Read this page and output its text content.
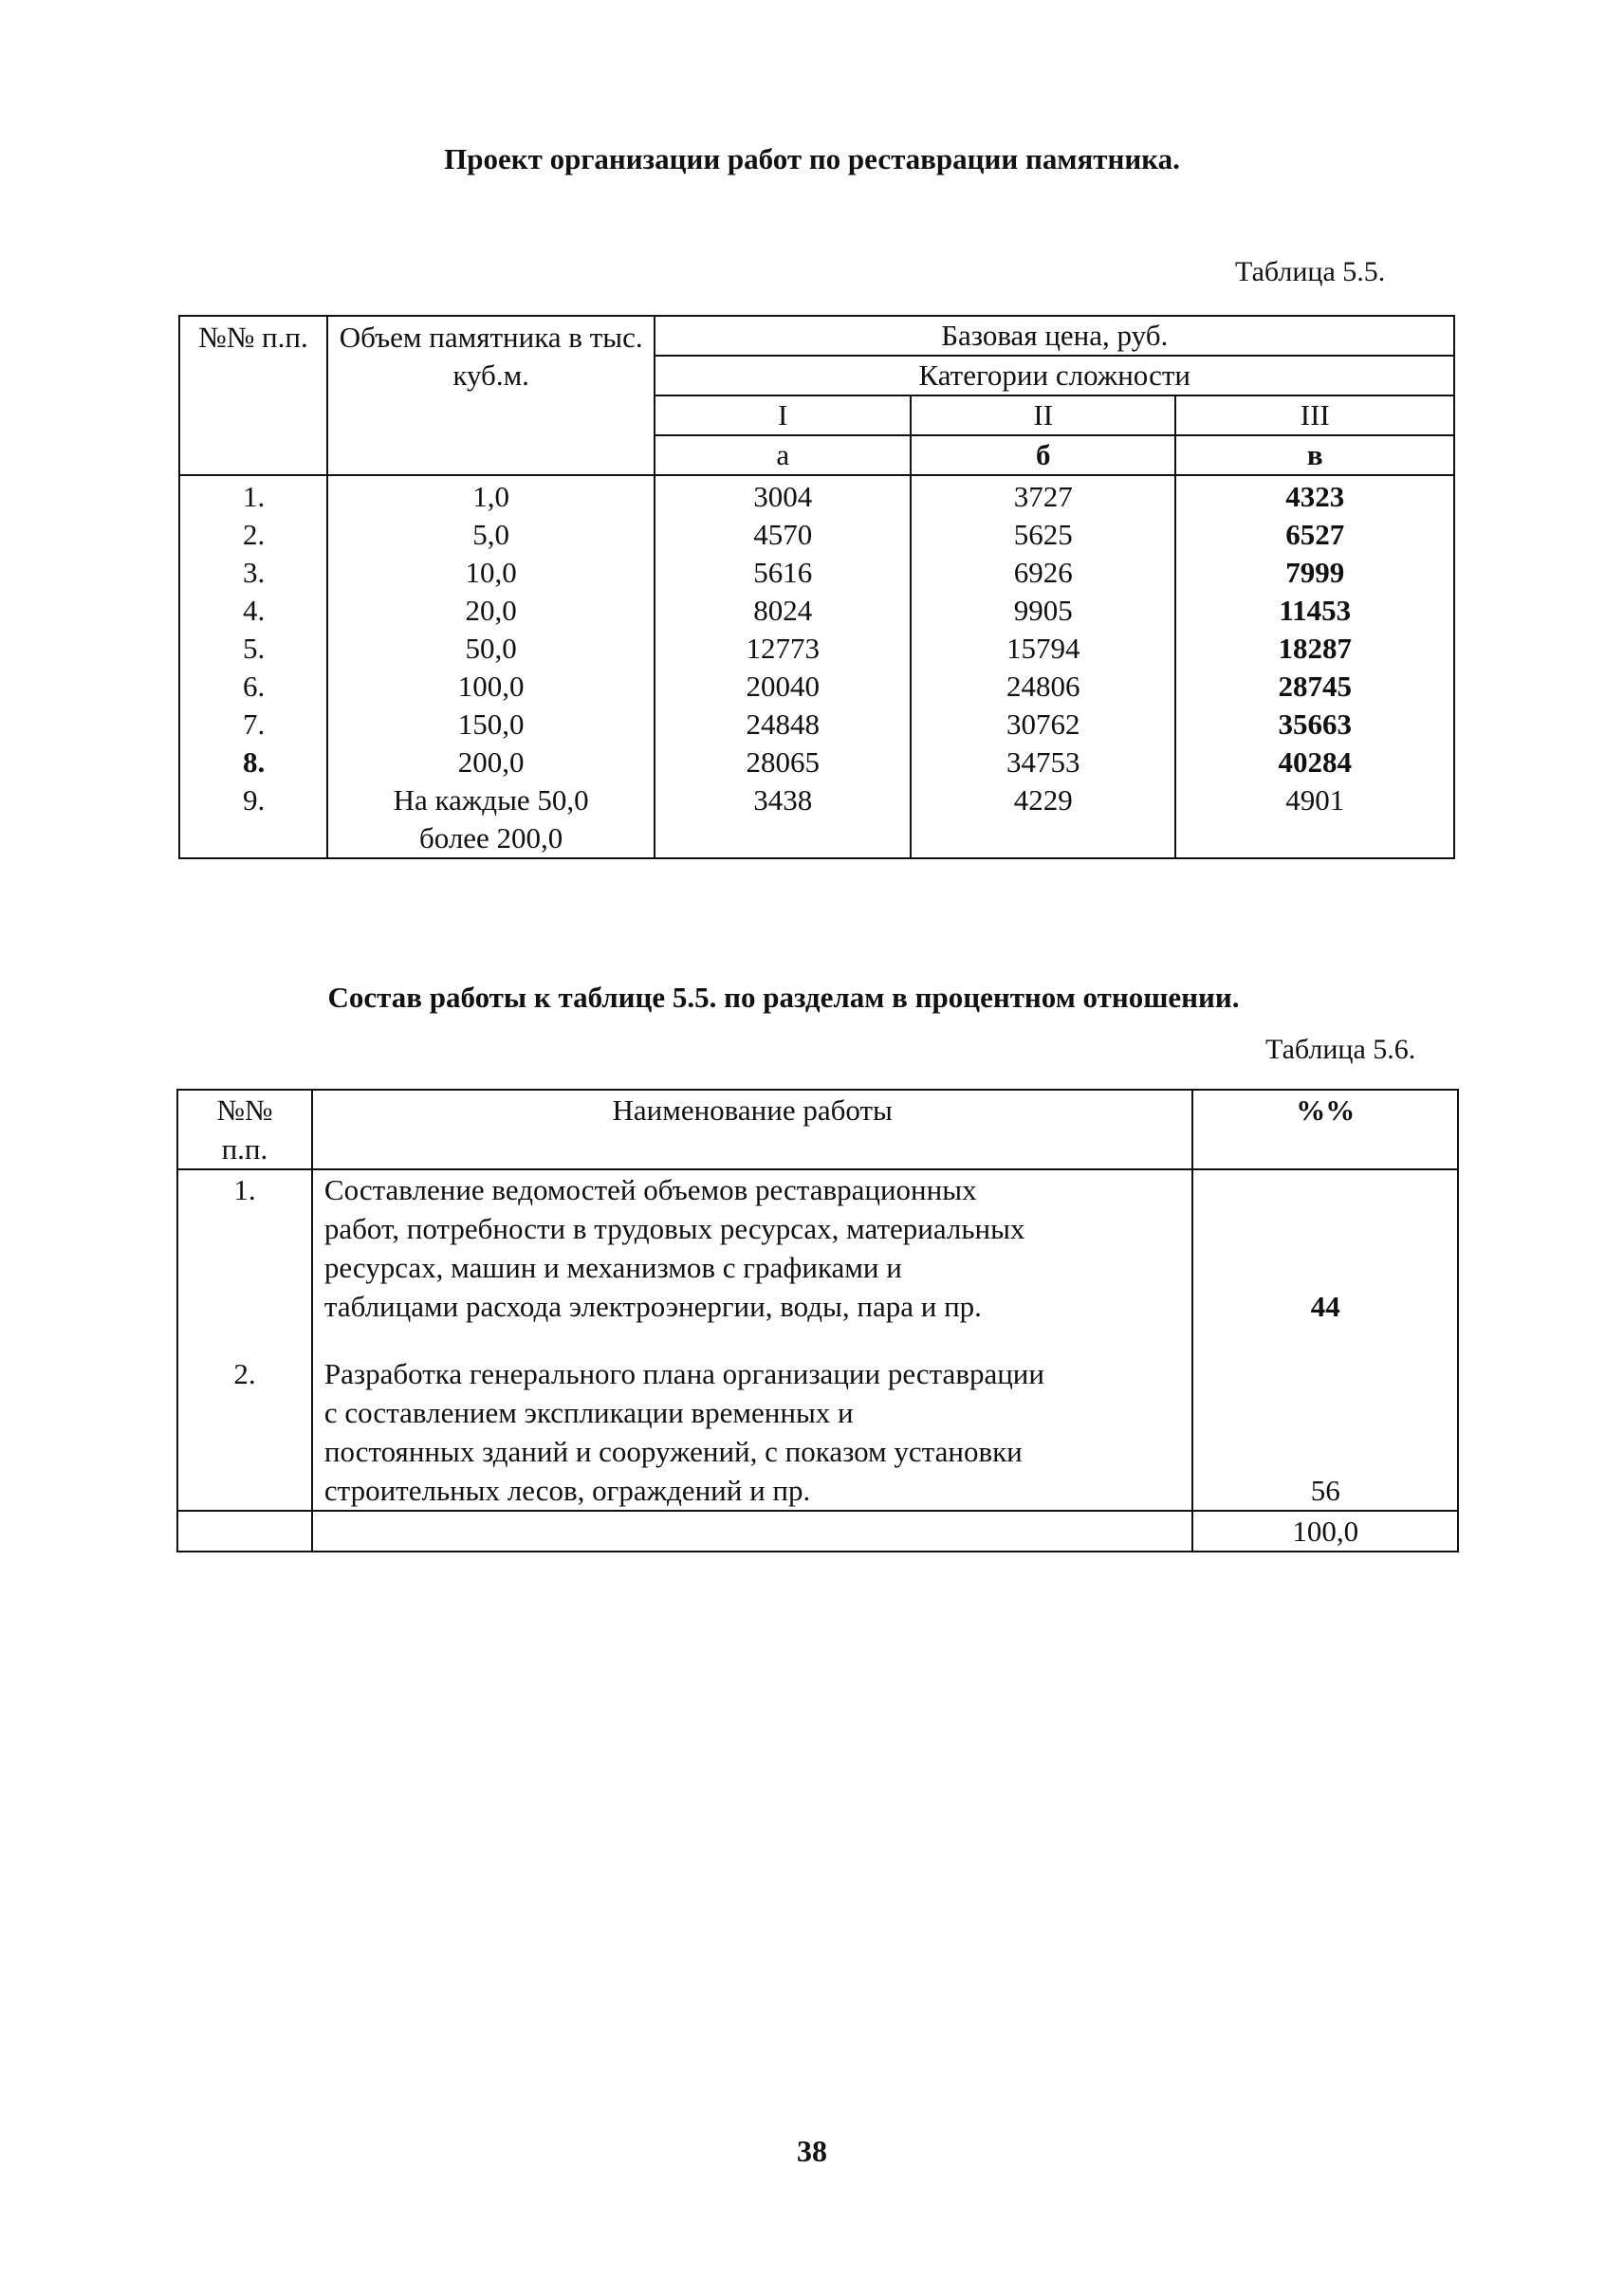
Проект организации работ по реставрации памятника.
Таблица 5.5.
№№ п.п.	Объем памятника в тыс. куб.м.	Базовая цена, руб.		
		Категории сложности		
		I	II	III
		а	б	в
1.	1,0	3004	3727	4323
2.	5,0	4570	5625	6527
3.	10,0	5616	6926	7999
4.	20,0	8024	9905	11453
5.	50,0	12773	15794	18287
6.	100,0	20040	24806	28745
7.	150,0	24848	30762	35663
8.	200,0	28065	34753	40284
9.	На каждые 50,0 более 200,0	3438	4229	4901
Состав работы к таблице 5.5. по разделам в процентном отношении.
Таблица 5.6.
№№ п.п.	Наименование работы	%%
1.	Составление ведомостей объемов реставрационных
работ, потребности в трудовых ресурсах, материальных
ресурсах, машин и механизмов с графиками и
таблицами расхода электроэнергии, воды, пара и пр.	44

2.	Разработка генерального плана организации реставрации
с составлением экспликации временных и
постоянных зданий и сооружений, с показом установки
строительных лесов, ограждений и пр.	56
		100,0
38
